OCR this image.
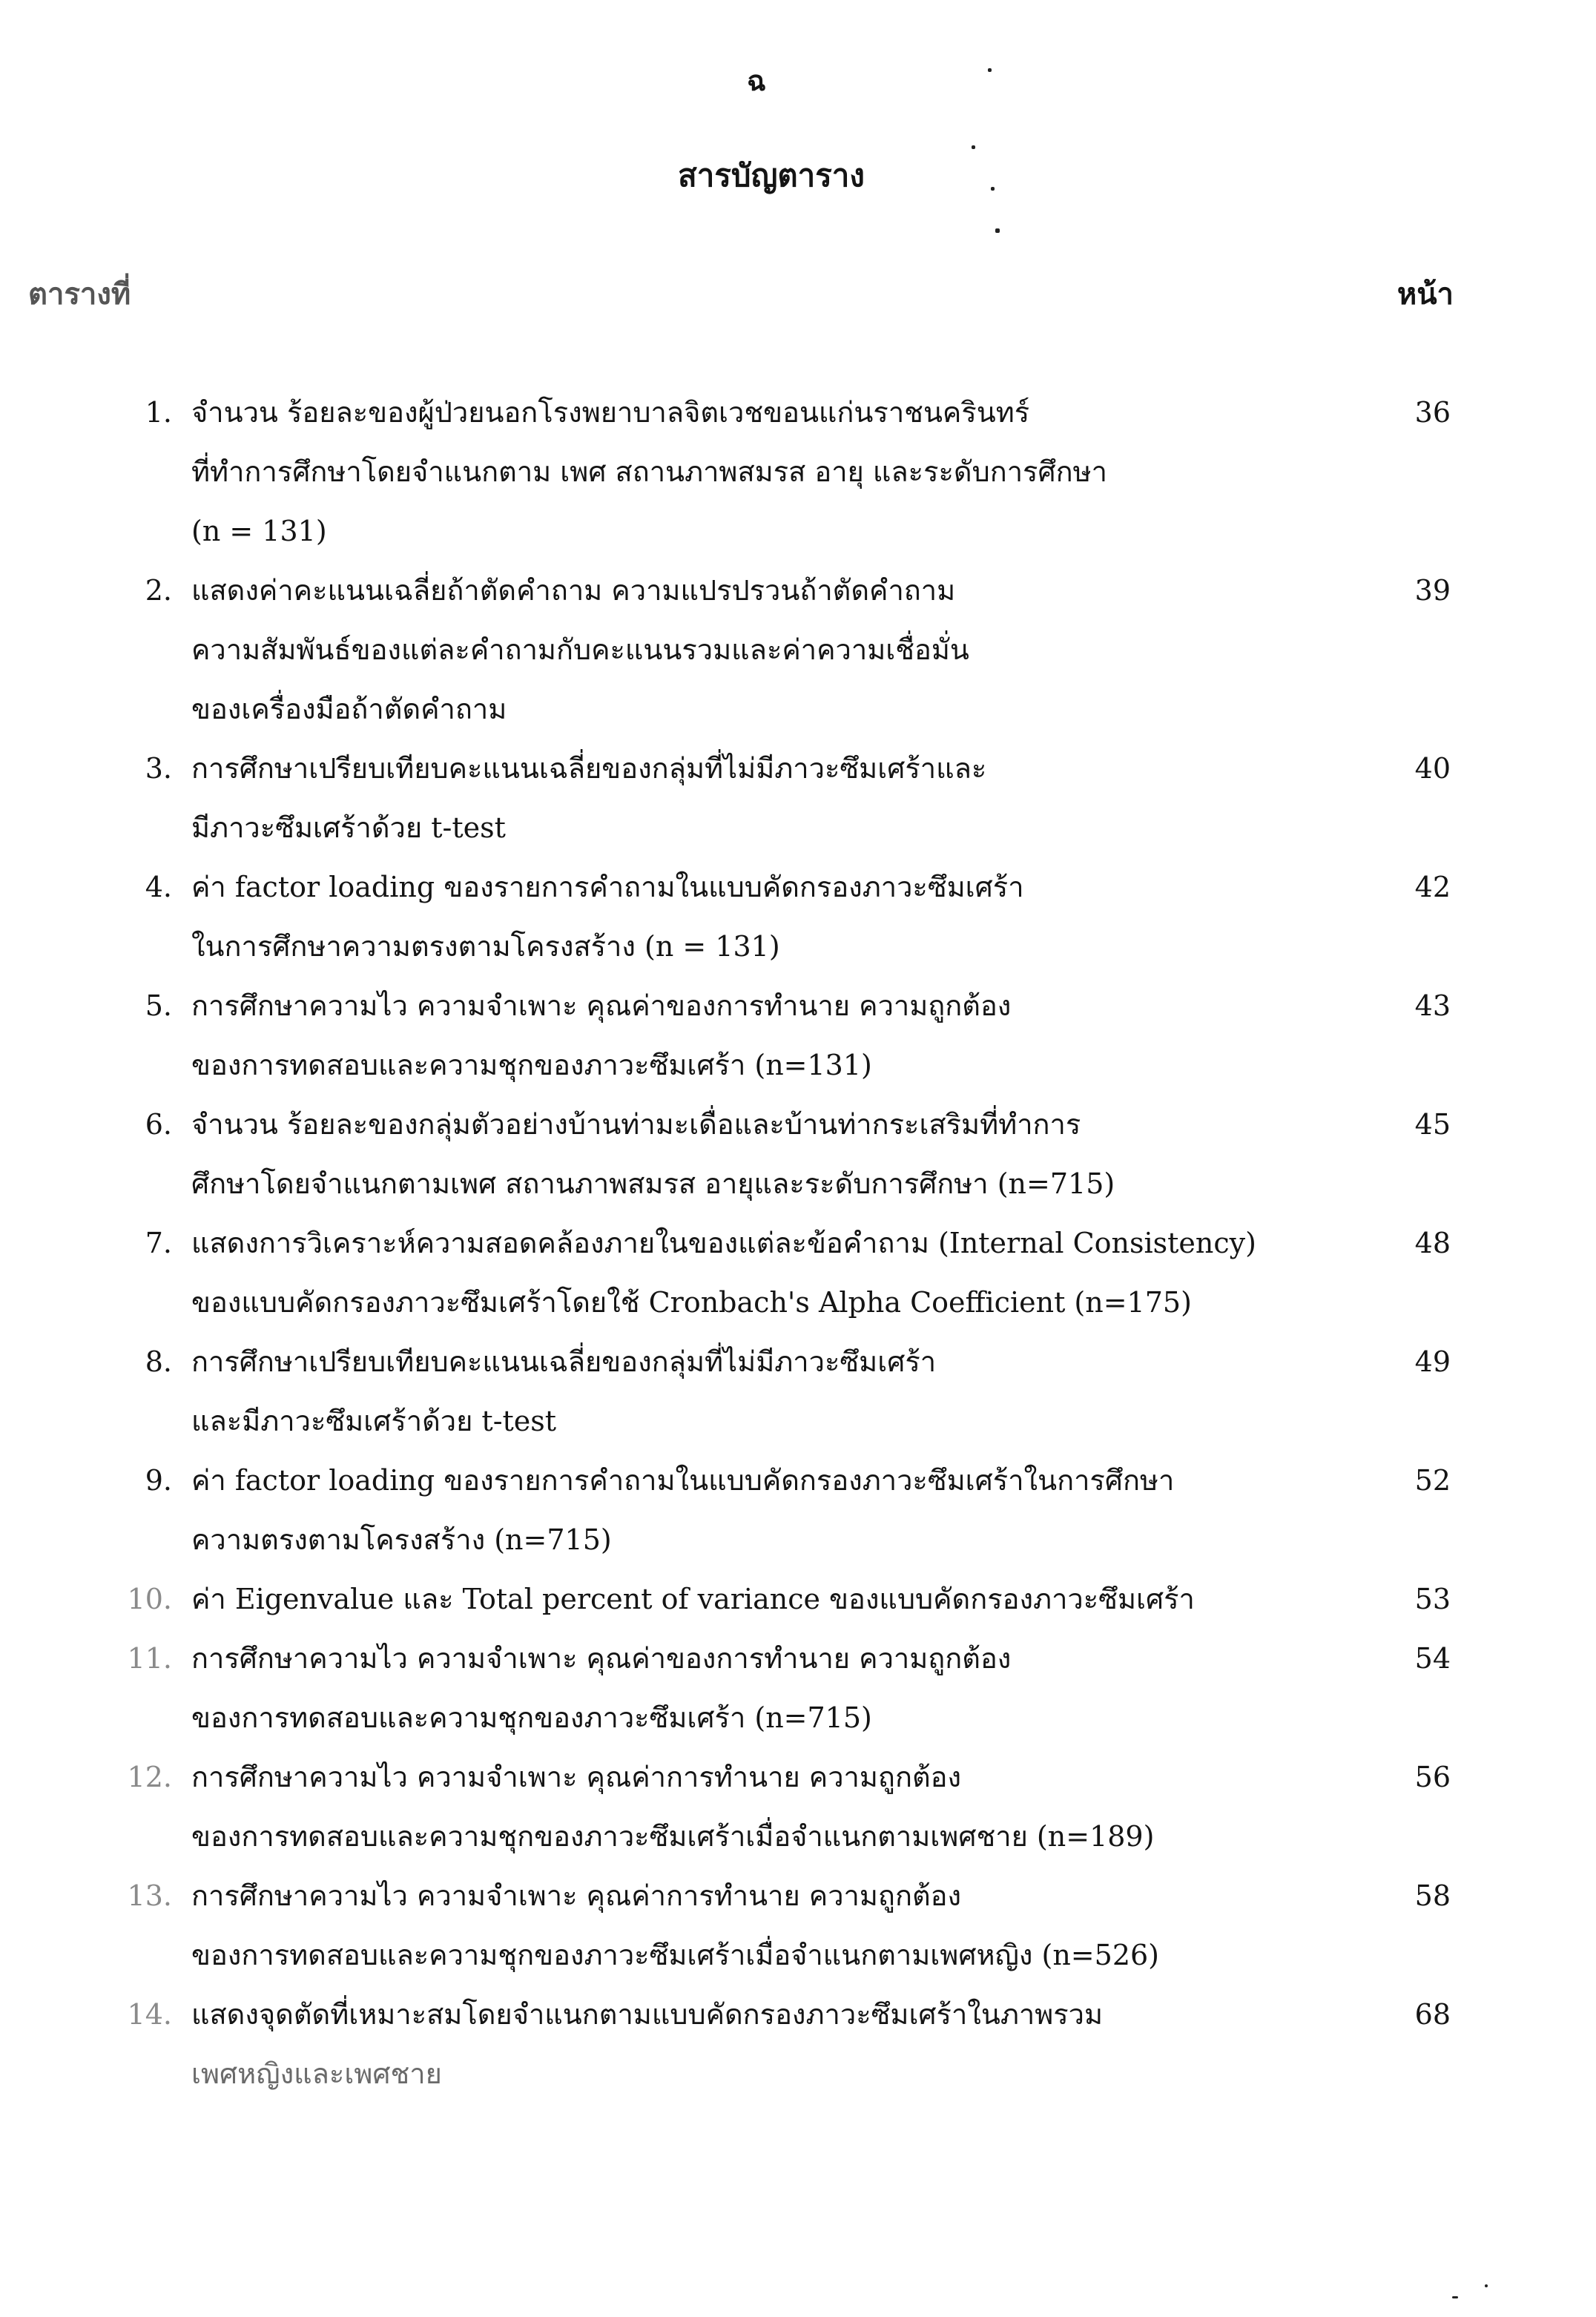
ฉ
สารบัญตาราง
ตารางที่	หน้า
1. จำนวน ร้อยละของผู้ป่วยนอกโรงพยาบาลจิตเวชขอนแก่นราชนครินทร์
ที่ทำการศึกษาโดยจำแนกตาม เพศ สถานภาพสมรส อายุ และระดับการศึกษา
(n = 131)
36
2. แสดงค่าคะแนนเฉลี่ยถ้าตัดคำถาม ความแปรปรวนถ้าตัดคำถาม
ความสัมพันธ์ของแต่ละคำถามกับคะแนนรวมและค่าความเชื่อมั่น
ของเครื่องมือถ้าตัดคำถาม
39
3. การศึกษาเปรียบเทียบคะแนนเฉลี่ยของกลุ่มที่ไม่มีภาวะซึมเศร้าและ
มีภาวะซึมเศร้าด้วย t-test
40
4. ค่า factor loading ของรายการคำถามในแบบคัดกรองภาวะซึมเศร้า
ในการศึกษาความตรงตามโครงสร้าง (n = 131)
42
5. การศึกษาความไว ความจำเพาะ คุณค่าของการทำนาย ความถูกต้อง
ของการทดสอบและความชุกของภาวะซึมเศร้า (n=131)
43
6. จำนวน ร้อยละของกลุ่มตัวอย่างบ้านท่ามะเดื่อและบ้านท่ากระเสริมที่ทำการ
ศึกษาโดยจำแนกตามเพศ สถานภาพสมรส อายุและระดับการศึกษา (n=715)
45
7. แสดงการวิเคราะห์ความสอดคล้องภายในของแต่ละข้อคำถาม (Internal Consistency)
ของแบบคัดกรองภาวะซึมเศร้าโดยใช้ Cronbach's Alpha Coefficient (n=175)
48
8. การศึกษาเปรียบเทียบคะแนนเฉลี่ยของกลุ่มที่ไม่มีภาวะซึมเศร้า
และมีภาวะซึมเศร้าด้วย t-test
49
9. ค่า factor loading ของรายการคำถามในแบบคัดกรองภาวะซึมเศร้าในการศึกษา
ความตรงตามโครงสร้าง (n=715)
52
10. ค่า Eigenvalue และ Total percent of variance ของแบบคัดกรองภาวะซึมเศร้า	53
11. การศึกษาความไว ความจำเพาะ คุณค่าของการทำนาย ความถูกต้อง
ของการทดสอบและความชุกของภาวะซึมเศร้า (n=715)
54
12. การศึกษาความไว ความจำเพาะ คุณค่าการทำนาย ความถูกต้อง
ของการทดสอบและความชุกของภาวะซึมเศร้าเมื่อจำแนกตามเพศชาย (n=189)
56
13. การศึกษาความไว ความจำเพาะ คุณค่าการทำนาย ความถูกต้อง
ของการทดสอบและความชุกของภาวะซึมเศร้าเมื่อจำแนกตามเพศหญิง (n=526)
58
14. แสดงจุดตัดที่เหมาะสมโดยจำแนกตามแบบคัดกรองภาวะซึมเศร้าในภาพรวม
เพศหญิงและเพศชาย
68
